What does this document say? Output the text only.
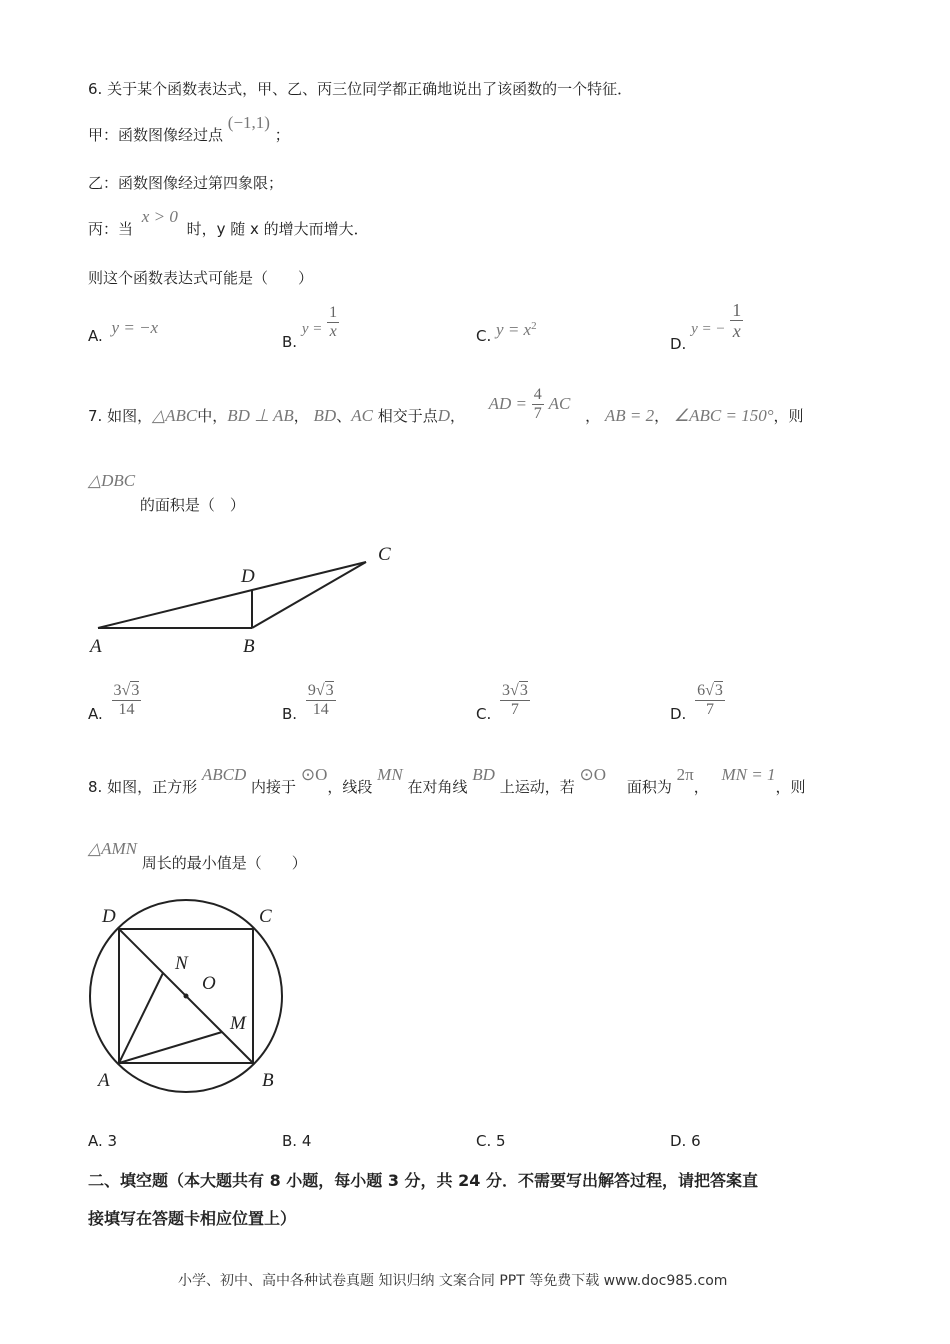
6. 关于某个函数表达式，甲、乙、丙三位同学都正确地说出了该函数的一个特征．
甲：函数图像经过点 (−1,1) ；
乙：函数图像经过第四象限；
丙：当 x > 0 时，y 随 x 的增大而增大．
则这个函数表达式可能是（　　）
A. y = −x
B. $y = \frac{1}{x}$	C. $y = x^2$
D. y = − $\frac{1}{x}$
7. 如图，△ABC中，BD ⊥ AB， BD、AC 相交于点D，  AD = $\frac{4}{7}$ AC ， AB = 2， ∠ABC = 150°，则
△DBC 的面积是（　）
A	B
C
D
A. $\frac{3√3}{14}$	B. $\frac{9√3}{14}$	C. $\frac{3√3}{7}$	D. $\frac{6√3}{7}$
8. 如图，正方形 ABCD 内接于 ⊙O，线段 MN 在对角线 BD 上运动，若 ⊙O 面积为 2π， MN = 1，则
△AMN 周长的最小值是（　　）
D	C
A	B
N
O
M
A. 3	B. 4	C. 5	D. 6
二、填空题（本大题共有 8 小题，每小题 3 分，共 24 分．不需要写出解答过程，请把答案直
接填写在答题卡相应位置上）
小学、初中、高中各种试卷真题 知识归纳 文案合同 PPT 等免费下载 www.doc985.com
